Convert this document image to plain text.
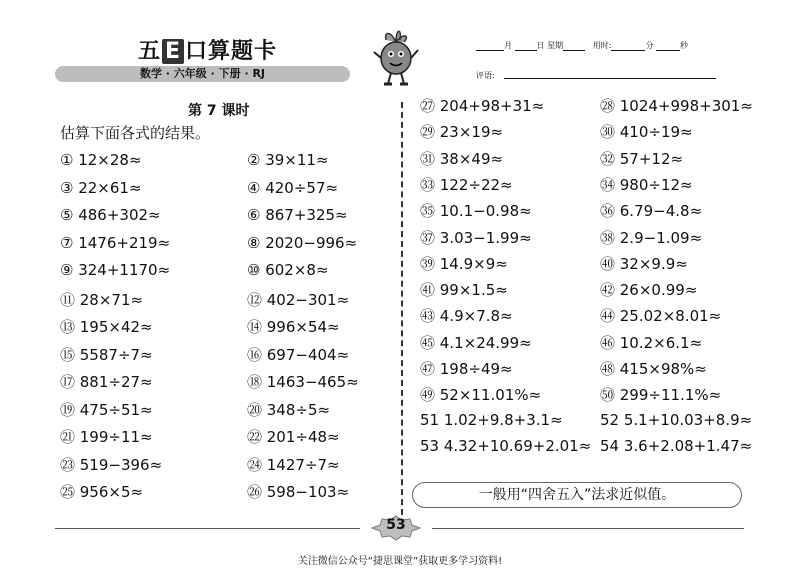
五 E 口算题卡
数学 · 六年级 · 下册 · RJ
月	日 星期	用时:	分	秒
评语:
第 7 课时
估算下面各式的结果。
① 12×28≈	② 39×11≈
③ 22×61≈	④ 420÷57≈
⑤ 486+302≈	⑥ 867+325≈
⑦ 1476+219≈	⑧ 2020−996≈
⑨ 324+1170≈	⑩ 602×8≈
⑪ 28×71≈	⑫ 402−301≈
⑬ 195×42≈	⑭ 996×54≈
⑮ 5587÷7≈	⑯ 697−404≈
⑰ 881÷27≈	⑱ 1463−465≈
⑲ 475÷51≈	⑳ 348÷5≈
㉑ 199÷11≈	㉒ 201÷48≈
㉓ 519−396≈	㉔ 1427÷7≈
㉕ 956×5≈	㉖ 598−103≈
㉗ 204+98+31≈	㉘ 1024+998+301≈
㉙ 23×19≈	㉚ 410÷19≈
㉛ 38×49≈	㉜ 57+12≈
㉝ 122÷22≈	㉞ 980÷12≈
㉟ 10.1−0.98≈	㊱ 6.79−4.8≈
㊲ 3.03−1.99≈	㊳ 2.9−1.09≈
㊴ 14.9×9≈	㊵ 32×9.9≈
㊶ 99×1.5≈	㊷ 26×0.99≈
㊸ 4.9×7.8≈	㊹ 25.02×8.01≈
㊺ 4.1×24.99≈	㊻ 10.2×6.1≈
㊼ 198÷49≈	㊽ 415×98%≈
㊾ 52×11.01%≈	㊿ 299÷11.1%≈
51 1.02+9.8+3.1≈ 52 5.1+10.03+8.9≈
53 4.32+10.69+2.01≈ 54 3.6+2.08+1.47≈
一般用“四舍五入”法求近似值。
53
关注微信公众号“捷思课堂”获取更多学习资料!
